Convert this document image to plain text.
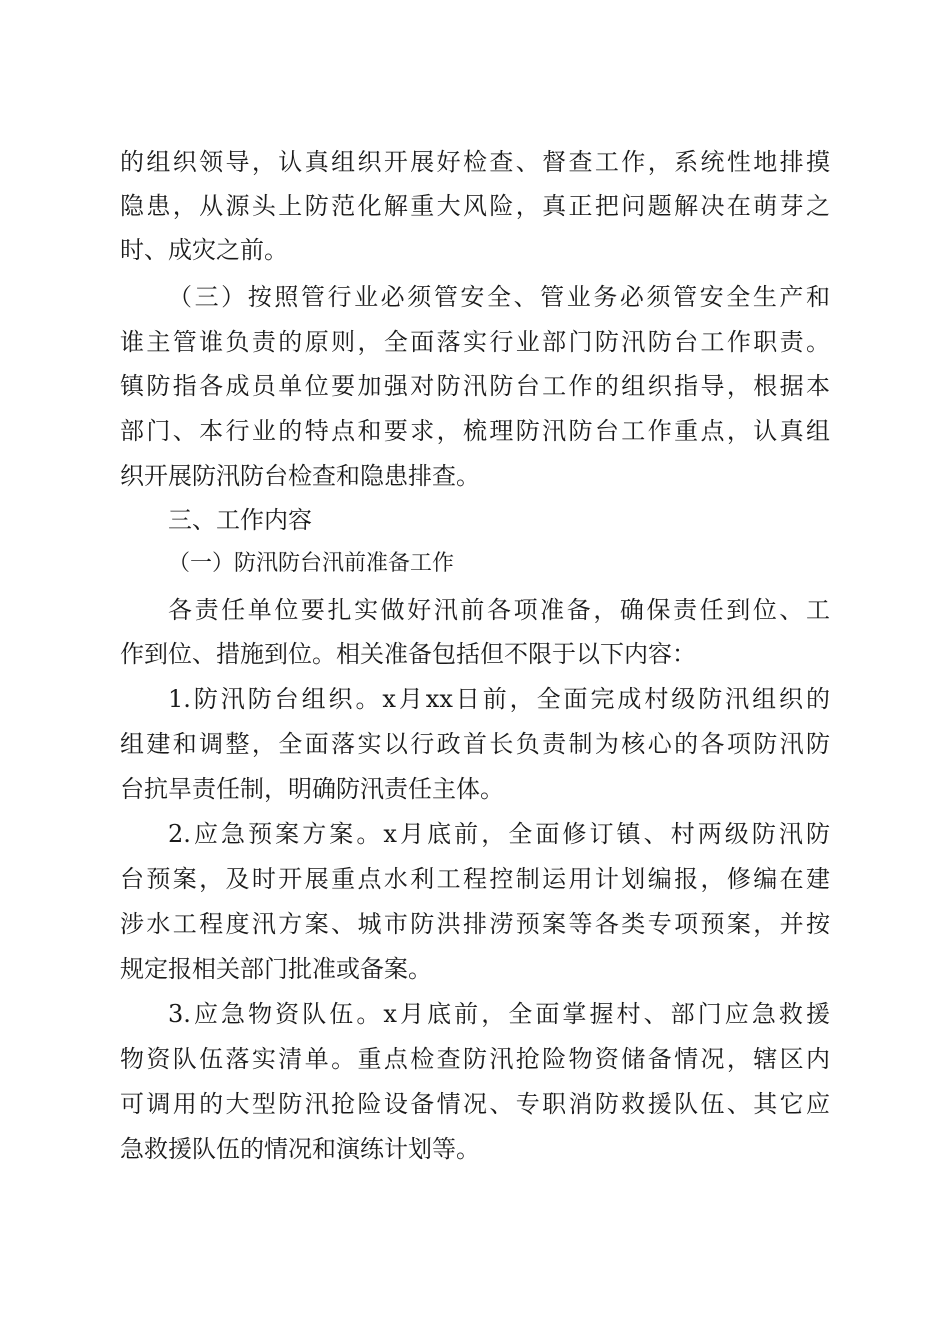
的组织领导，认真组织开展好检查、督查工作，系统性地排摸

隐患，从源头上防范化解重大风险，真正把问题解决在萌芽之

时、成灾之前。

（三）按照管行业必须管安全、管业务必须管安全生产和

谁主管谁负责的原则，全面落实行业部门防汛防台工作职责。

镇防指各成员单位要加强对防汛防台工作的组织指导，根据本

部门、本行业的特点和要求，梳理防汛防台工作重点，认真组

织开展防汛防台检查和隐患排查。

三、工作内容

（一）防汛防台汛前准备工作

各责任单位要扎实做好汛前各项准备，确保责任到位、工

作到位、措施到位。相关准备包括但不限于以下内容：

1.防汛防台组织。x月xx日前，全面完成村级防汛组织的

组建和调整，全面落实以行政首长负责制为核心的各项防汛防

台抗旱责任制，明确防汛责任主体。

2.应急预案方案。x月底前，全面修订镇、村两级防汛防

台预案，及时开展重点水利工程控制运用计划编报，修编在建

涉水工程度汛方案、城市防洪排涝预案等各类专项预案，并按

规定报相关部门批准或备案。

3.应急物资队伍。x月底前，全面掌握村、部门应急救援

物资队伍落实清单。重点检查防汛抢险物资储备情况，辖区内

可调用的大型防汛抢险设备情况、专职消防救援队伍、其它应

急救援队伍的情况和演练计划等。
